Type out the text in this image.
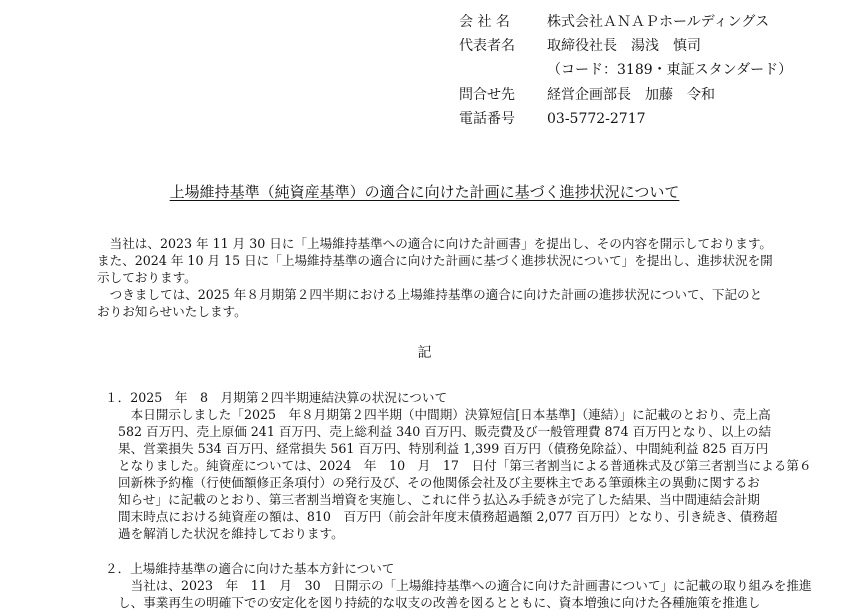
会 社 名	株式会社ＡＮＡＰホールディングス
代表者名 取締役社長　湯浅　慎司
（コード：3189・東証スタンダード）
問合せ先 経営企画部長　加藤　令和
電話番号 03-5772-2717
上場維持基準（純資産基準）の適合に向けた計画に基づく進捗状況について
　当社は、2023 年 11 月 30 日に「上場維持基準への適合に向けた計画書」を提出し、その内容を開示しております。
また、2024 年 10 月 15 日に「上場維持基準の適合に向けた計画に基づく進捗状況について」を提出し、進捗状況を開
示しております。
　つきましては、2025 年８月期第２四半期における上場維持基準の適合に向けた計画の進捗状況について、下記のと
おりお知らせいたします。
記
１．2025　年　8　月期第２四半期連結決算の状況について
　本日開示しました「2025　年８月期第２四半期（中間期）決算短信[日本基準]（連結）」に記載のとおり、売上高
582 百万円、売上原価 241 百万円、売上総利益 340 百万円、販売費及び一般管理費 874 百万円となり、以上の結
果、営業損失 534 百万円、経常損失 561 百万円、特別利益 1,399 百万円（債務免除益）、中間純利益 825 百万円
となりました。純資産については、2024　年　10　月　17　日付「第三者割当による普通株式及び第三者割当による第６
回新株予約権（行使価額修正条項付）の発行及び、その他関係会社及び主要株主である筆頭株主の異動に関するお
知らせ」に記載のとおり、第三者割当増資を実施し、これに伴う払込み手続きが完了した結果、当中間連結会計期
間末時点における純資産の額は、810　百万円（前会計年度末債務超過額 2,077 百万円）となり、引き続き、債務超
過を解消した状況を維持しております。
２．上場維持基準の適合に向けた基本方針について
　当社は、2023　年　11　月　30　日開示の「上場維持基準への適合に向けた計画書について」に記載の取り組みを推進
し、事業再生の明確下での安定化を図り持続的な収支の改善を図るとともに、資本増強に向けた各種施策を推進し
